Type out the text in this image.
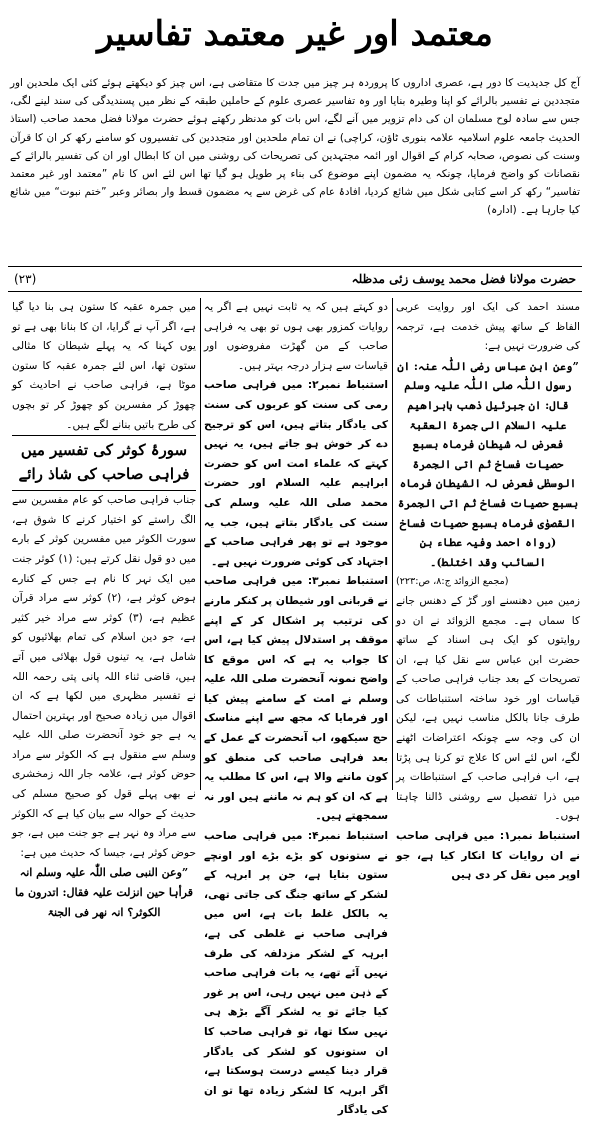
معتمد اور غیر معتمد تفاسیر

آج کل جدیدیت کا دور ہے، عصری اداروں کا پروردہ ہر چیز میں جدت کا متقاضی ہے، اس چیز کو دیکھتے ہوئے کئی ایک ملحدین اور متجددین نے تفسیر بالرائے کو اپنا وطیرہ بنایا اور وہ تفاسیر عصری علوم کے حاملین طبقہ کے نظر میں پسندیدگی کی سند لینے لگی، جس سے سادہ لوح مسلمان ان کی دام تزویر میں آنے لگے، اس بات کو مدنظر رکھتے ہوئے حضرت مولانا فضل محمد صاحب (استاذ الحدیث جامعہ علوم اسلامیہ علامہ بنوری ٹاؤن، کراچی) نے ان تمام ملحدین اور متجددین کی تفسیروں کو سامنے رکھ کر ان کا قرآن وسنت کی نصوص، صحابہ کرام کے اقوال اور ائمہ مجتہدین کی تصریحات کی روشنی میں ان کا ابطال اور ان کی تفسیر بالرائے کے نقصانات کو واضح فرمایا، چونکہ یہ مضمون اپنے موضوع کی بناء پر طویل ہو گیا تھا اس لئے اس کا نام ”معتمد اور غیر معتمد تفاسیر“ رکھ کر اسے کتابی شکل میں شائع کردیا، افادۂ عام کی غرض سے یہ مضمون قسط وار بصائر وعبر ”ختم نبوت“ میں شائع کیا جارہا ہے۔ (ادارہ)

حضرت مولانا فضل محمد یوسف زئی مدظلہ
(۲۳)

مسند احمد کی ایک اور روایت عربی الفاظ کے ساتھ پیش خدمت ہے، ترجمہ کی ضرورت نہیں ہے:

”وعن ابن عباس رضی اللّٰہ عنہ: ان رسول اللّٰہ صلی اللّٰہ علیہ وسلم قال: ان جبرئیل ذھب بابراھیم علیہ السلام الی جمرۃ العقبۃ فعرض لہ شیطان فرماہ بسبع حصیات فساخ ثم اتی الجمرۃ الوسطٰی فعرض لہ الشیطان فرماہ بسبع حصیات فساخ ثم اتی الجمرۃ القصوٰی فرماہ بسبع حصیات فساخ (رواہ احمد وفیہ عطاء بن السائب وقد اختلط)۔

(مجمع الزوائد ج:۸، ص:۲۲۳)

زمین میں دھنسنے اور گڑ کے دھنس جانے کا سماں ہے۔ مجمع الزوائد نے ان دو روایتوں کو ایک ہی اسناد کے ساتھ حضرت ابن عباس سے نقل کیا ہے، ان تصریحات کے بعد جناب فراہی صاحب کے قیاسات اور خود ساختہ استنباطات کی طرف جانا بالکل مناسب نہیں ہے، لیکن ان کی وجہ سے چونکہ اعتراضات اٹھنے لگے، اس لئے اس کا علاج تو کرنا ہی پڑتا ہے، اب فراہی صاحب کے استنباطات پر میں ذرا تفصیل سے روشنی ڈالنا چاہتا ہوں۔

استنباط نمبر۱: میں فراہی صاحب نے ان روایات کا انکار کیا ہے، جو اوپر میں نقل کر دی ہیں

دو کہتے ہیں کہ یہ ثابت نہیں ہے اگر یہ روایات کمزور بھی ہوں تو بھی یہ فراہی صاحب کے من گھڑت مفروضوں اور قیاسات سے ہزار درجہ بہتر ہیں۔

استنباط نمبر۲: میں فراہی صاحب رمی کی سنت کو عربوں کی سنت کی یادگار بتاتے ہیں، اس کو ترجیح دے کر خوش ہو جاتے ہیں، یہ نہیں کہتے کہ علماء امت اس کو حضرت ابراہیم علیہ السلام اور حضرت محمد صلی اللہ علیہ وسلم کی سنت کی یادگار بتاتے ہیں، جب یہ موجود ہے تو پھر فراہی صاحب کے اجتہاد کی کوئی ضرورت نہیں ہے۔

استنباط نمبر۳: میں فراہی صاحب نے قربانی اور شیطان پر کنکر مارنے کی ترتیب پر اشکال کر کے اپنے موقف پر استدلال پیش کیا ہے، اس کا جواب یہ ہے کہ اس موقع کا واضح نمونہ آنحضرت صلی اللہ علیہ وسلم نے امت کے سامنے پیش کیا اور فرمایا کہ مجھ سے اپنے مناسک حج سیکھو، اب آنحضرت کے عمل کے بعد فراہی صاحب کی منطق کو کون ماننے والا ہے، اس کا مطلب یہ ہے کہ ان کو ہم نہ ماننے ہیں اور نہ سمجھتے ہیں۔

استنباط نمبر۴: میں فراہی صاحب نے ستونوں کو بڑے بڑے اور اونچے ستون بتایا ہے، جن پر ابرہہ کے لشکر کے ساتھ جنگ کی جاتی تھی، یہ بالکل غلط بات ہے، اس میں فراہی صاحب نے غلطی کی ہے، ابرہہ کے لشکر مزدلفہ کی طرف نہیں آئے تھے، یہ بات فراہی صاحب کے ذہن میں نہیں رہی، اس پر غور کیا جائے تو یہ لشکر آگے بڑھ ہی نہیں سکا تھا، تو فراہی صاحب کا ان ستونوں کو لشکر کی یادگار قرار دینا کیسے درست ہوسکتا ہے، اگر ابرہہ کا لشکر زیادہ تھا تو ان کی یادگار

میں جمرہ عقبہ کا ستون ہی بنا دیا گیا ہے، اگر آپ نے گرایا، ان کا بنانا بھی ہے تو یوں کہنا کہ یہ پہلے شیطان کا مثالی ستون تھا، اس لئے جمرہ عقبہ کا ستون موٹا ہے، فراہی صاحب نے احادیث کو چھوڑ کر مفسرین کو چھوڑ کر تو بچوں کی طرح باتیں بنانے لگے ہیں۔

سورۂ کوثر کی تفسیر میں فراہی صاحب کی شاذ رائے

جناب فراہی صاحب کو عام مفسرین سے الگ راستے کو اختیار کرنے کا شوق ہے، سورت الکوثر میں مفسرین کوثر کے بارے میں دو قول نقل کرتے ہیں: (۱) کوثر جنت میں ایک نہر کا نام ہے جس کے کنارے ہوض کوثر ہے، (۲) کوثر سے مراد قرآن عظیم ہے، (۳) کوثر سے مراد خیر کثیر ہے، جو دین اسلام کی تمام بھلائیوں کو شامل ہے، یہ تینوں قول بھلائی میں آتے ہیں، قاضی ثناء اللہ پانی پتی رحمہ اللہ نے تفسیر مظہری میں لکھا ہے کہ ان اقوال میں زیادہ صحیح اور بہترین احتمال یہ ہے جو خود آنحضرت صلی اللہ علیہ وسلم سے منقول ہے کہ الکوثر سے مراد حوض کوثر ہے، علامہ جار اللہ زمخشری نے بھی پہلے قول کو صحیح مسلم کی حدیث کے حوالہ سے بیان کیا ہے کہ الکوثر سے مراد وہ نہر ہے جو جنت میں ہے، جو حوض کوثر ہے، جیسا کہ حدیث میں ہے:

”وعن النبی صلی اللّٰہ علیہ وسلم انہ قرأہا حین انزلت علیہ فقال: اتدرون ما الکوثر؟ انہ نھر فی الجنۃ
